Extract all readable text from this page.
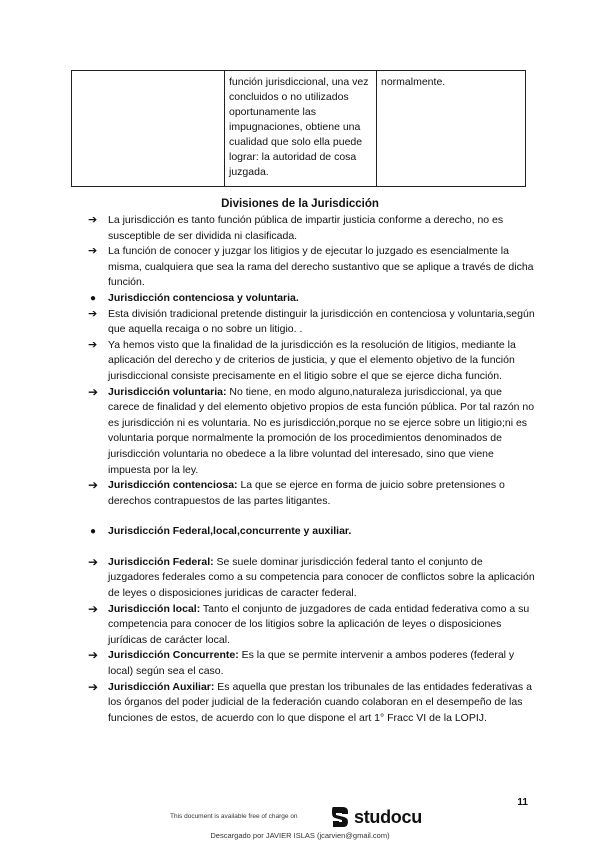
	función jurisdiccional, una vez concluidos o no utilizados oportunamente las impugnaciones, obtiene una cualidad que solo ella puede lograr: la autoridad de cosa juzgada.	normalmente.
Divisiones de la Jurisdicción
➔	La jurisdicción es tanto función pública de impartir justicia conforme a derecho, no es susceptible de ser dividida ni clasificada.
➔	La función de conocer y juzgar los litigios y de ejecutar lo juzgado es esencialmente la misma, cualquiera que sea la rama del derecho sustantivo que se aplique a través de dicha función.
●	Jurisdicción contenciosa y voluntaria.
➔	Esta división tradicional pretende distinguir la jurisdicción en contenciosa y voluntaria,según que aquella recaiga o no sobre un litigio. .
➔	Ya hemos visto que la finalidad de la jurisdicción es la resolución de litigios, mediante la aplicación del derecho y de criterios de justicia, y que el elemento objetivo de la función jurisdiccional consiste precisamente en el litigio sobre el que se ejerce dicha función.
➔ Jurisdicción voluntaria: No tiene, en modo alguno,naturaleza jurisdiccional, ya que carece de finalidad y del elemento objetivo propios de esta función pública. Por tal razón no es jurisdicción ni es voluntaria. No es jurisdicción,porque no se ejerce sobre un litigio;ni es voluntaria porque normalmente la promoción de los procedimientos denominados de jurisdicción voluntaria no obedece a la libre voluntad del interesado, sino que viene impuesta por la ley.
➔ Jurisdicción contenciosa: La que se ejerce en forma de juicio sobre pretensiones o derechos contrapuestos de las partes litigantes.
●	Jurisdicción Federal,local,concurrente y auxiliar.
➔ Jurisdicción Federal: Se suele dominar jurisdicción federal tanto el conjunto de juzgadores federales como a su competencia para conocer de conflictos sobre la aplicación de leyes o disposiciones juridicas de caracter federal.
➔ Jurisdicción local: Tanto el conjunto de juzgadores de cada entidad federativa como a su competencia para conocer de los litigios sobre la aplicación de leyes o disposiciones jurídicas de carácter local.
➔ Jurisdicción Concurrente: Es la que se permite intervenir a ambos poderes (federal y local) según sea el caso.
➔ Jurisdicción Auxiliar: Es aquella que prestan los tribunales de las entidades federativas a los órganos del poder judicial de la federación cuando colaboran en el desempeño de las funciones de estos, de acuerdo con lo que dispone el art 1° Fracc VI de la LOPIJ.
11
This document is available free of charge on	studocu
Descargado por JAVIER ISLAS (jcarvien@gmail.com)
